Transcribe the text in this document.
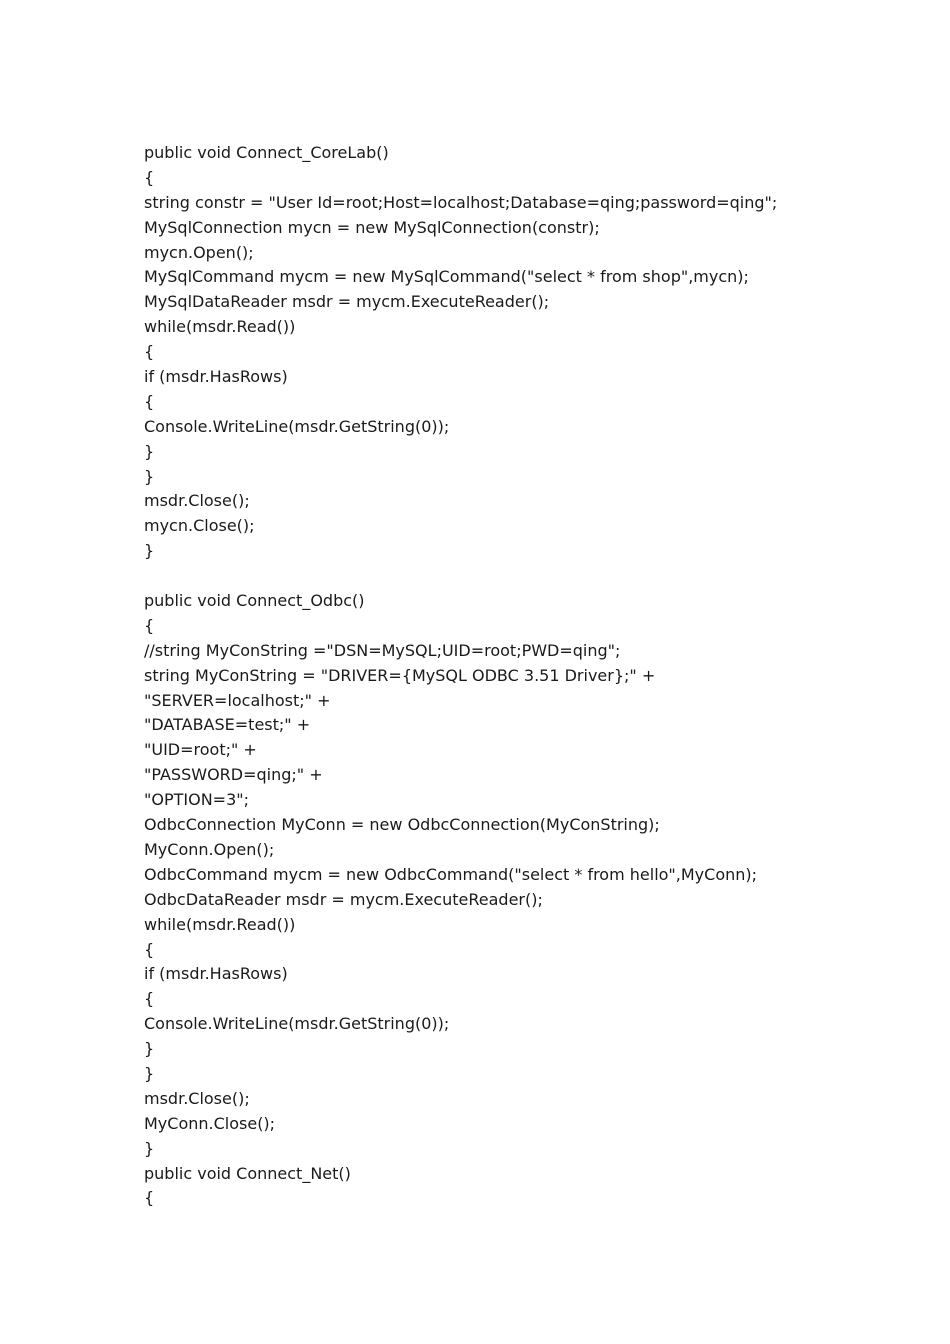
public void Connect_CoreLab()
{
string constr = "User Id=root;Host=localhost;Database=qing;password=qing";
MySqlConnection mycn = new MySqlConnection(constr);
mycn.Open();
MySqlCommand mycm = new MySqlCommand("select * from shop",mycn);
MySqlDataReader msdr = mycm.ExecuteReader();
while(msdr.Read())
{
if (msdr.HasRows)
{
Console.WriteLine(msdr.GetString(0));
}
}
msdr.Close();
mycn.Close();
}
public void Connect_Odbc()
{
//string MyConString ="DSN=MySQL;UID=root;PWD=qing";
string MyConString = "DRIVER={MySQL ODBC 3.51 Driver};" +
"SERVER=localhost;" +
"DATABASE=test;" +
"UID=root;" +
"PASSWORD=qing;" +
"OPTION=3";
OdbcConnection MyConn = new OdbcConnection(MyConString);
MyConn.Open();
OdbcCommand mycm = new OdbcCommand("select * from hello",MyConn);
OdbcDataReader msdr = mycm.ExecuteReader();
while(msdr.Read())
{
if (msdr.HasRows)
{
Console.WriteLine(msdr.GetString(0));
}
}
msdr.Close();
MyConn.Close();
}
public void Connect_Net()
{
